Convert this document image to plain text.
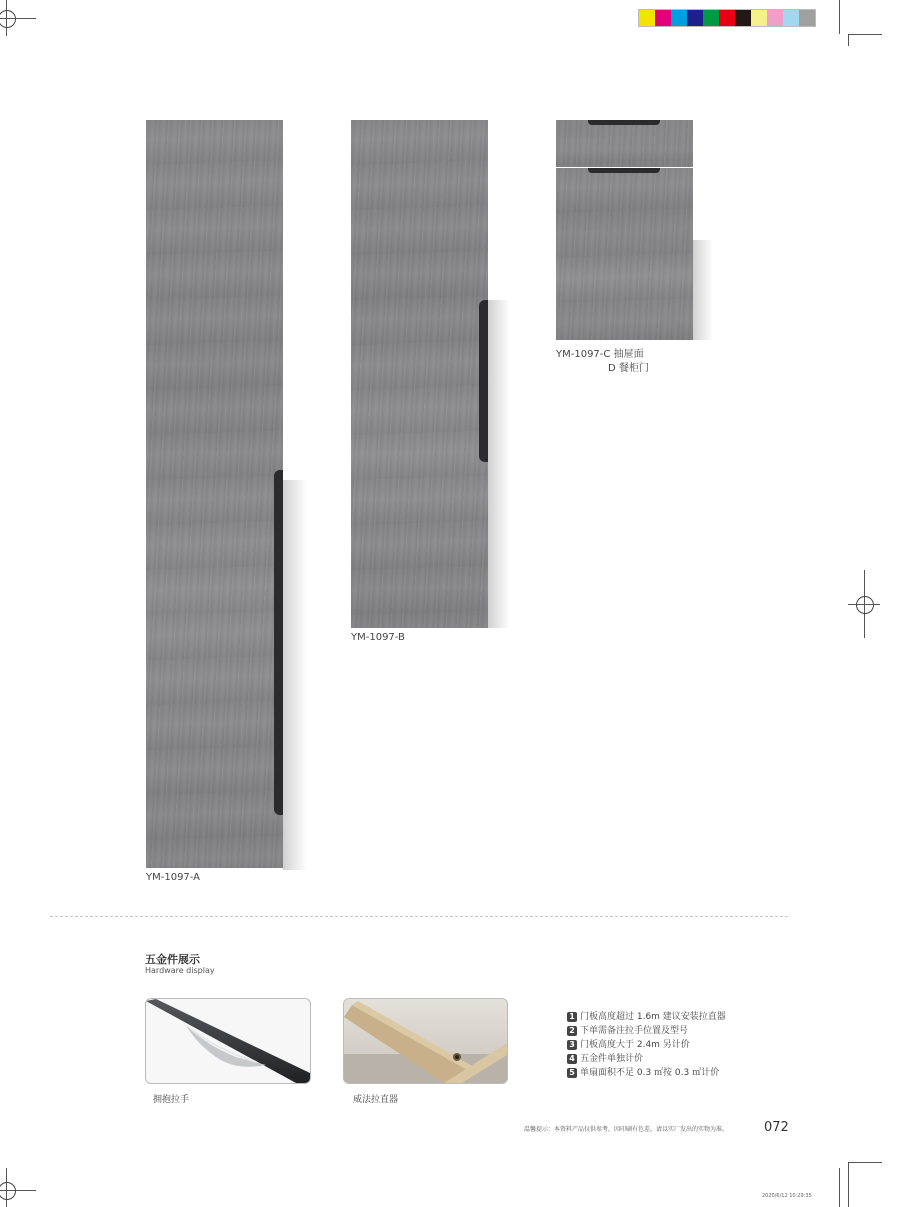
YM-1097-A
YM-1097-B
YM-1097-C 抽屉面
D 餐柜门
五金件展示
Hardware display
拥抱拉手	威法拉直器
1 门板高度超过 1.6m 建议安装拉直器
2 下单需备注拉手位置及型号
3 门板高度大于 2.4m 另计价
4 五金件单独计价
5 单扇面积不足 0.3 ㎡按 0.3 ㎡计价
温馨提示：本资料产品仅供参考，因印刷有色差，请以实厂发出的实物为准。	072
2020/6/12 10:29:35
